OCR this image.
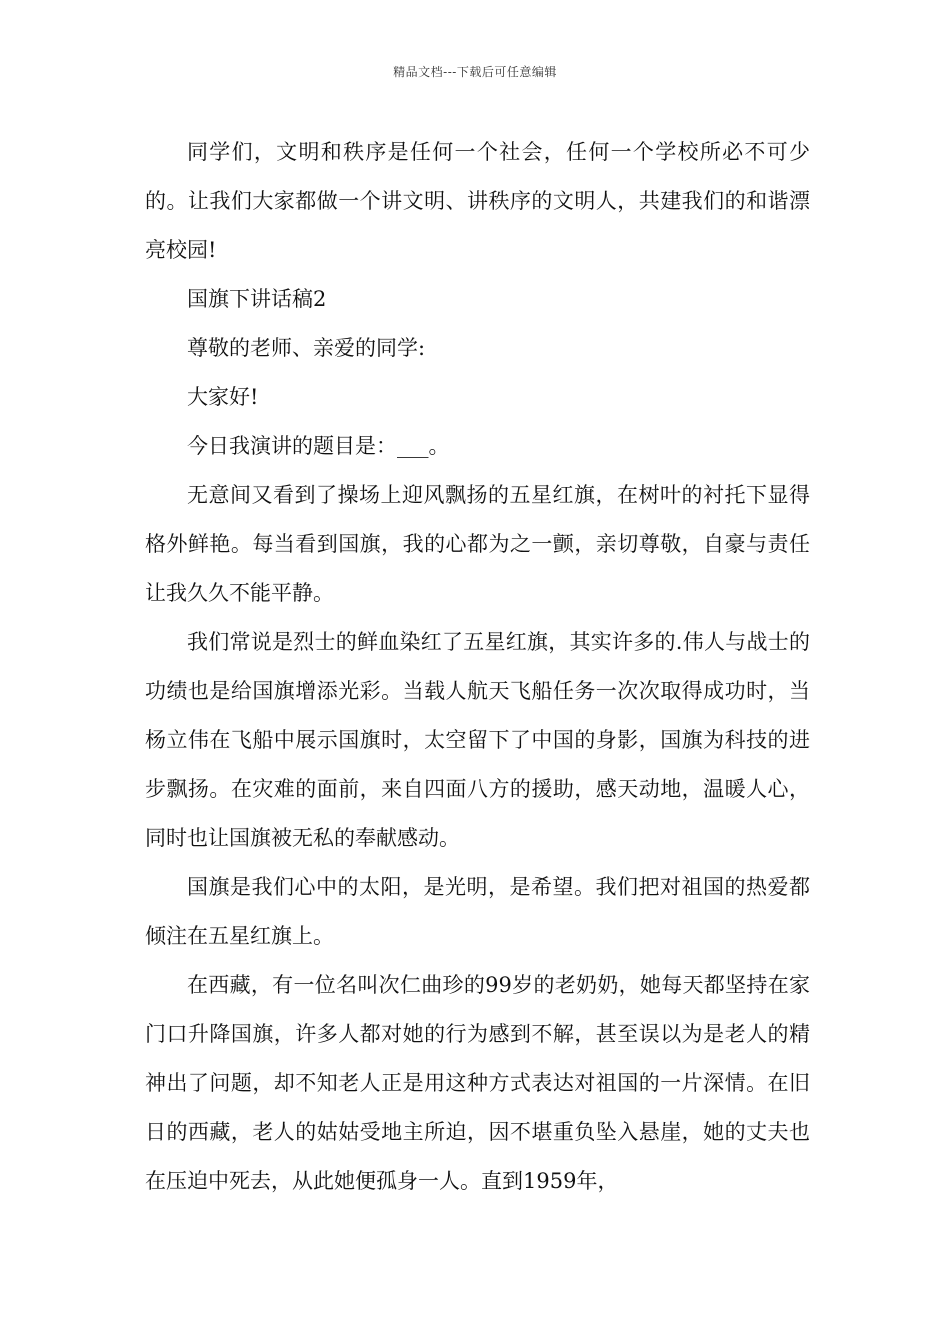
精品文档---下载后可任意编辑

同学们，文明和秩序是任何一个社会，任何一个学校所必不可少的。让我们大家都做一个讲文明、讲秩序的文明人，共建我们的和谐漂亮校园!

国旗下讲话稿2

尊敬的老师、亲爱的同学:

大家好!

今日我演讲的题目是：___。

无意间又看到了操场上迎风飘扬的五星红旗，在树叶的衬托下显得格外鲜艳。每当看到国旗，我的心都为之一颤，亲切尊敬，自豪与责任让我久久不能平静。

我们常说是烈士的鲜血染红了五星红旗，其实许多的.伟人与战士的功绩也是给国旗增添光彩。当载人航天飞船任务一次次取得成功时，当杨立伟在飞船中展示国旗时，太空留下了中国的身影，国旗为科技的进步飘扬。在灾难的面前，来自四面八方的援助，感天动地，温暖人心，同时也让国旗被无私的奉献感动。

国旗是我们心中的太阳，是光明，是希望。我们把对祖国的热爱都倾注在五星红旗上。

在西藏，有一位名叫次仁曲珍的99岁的老奶奶，她每天都坚持在家门口升降国旗，许多人都对她的行为感到不解，甚至误以为是老人的精神出了问题，却不知老人正是用这种方式表达对祖国的一片深情。在旧日的西藏，老人的姑姑受地主所迫，因不堪重负坠入悬崖，她的丈夫也在压迫中死去，从此她便孤身一人。直到1959年，
